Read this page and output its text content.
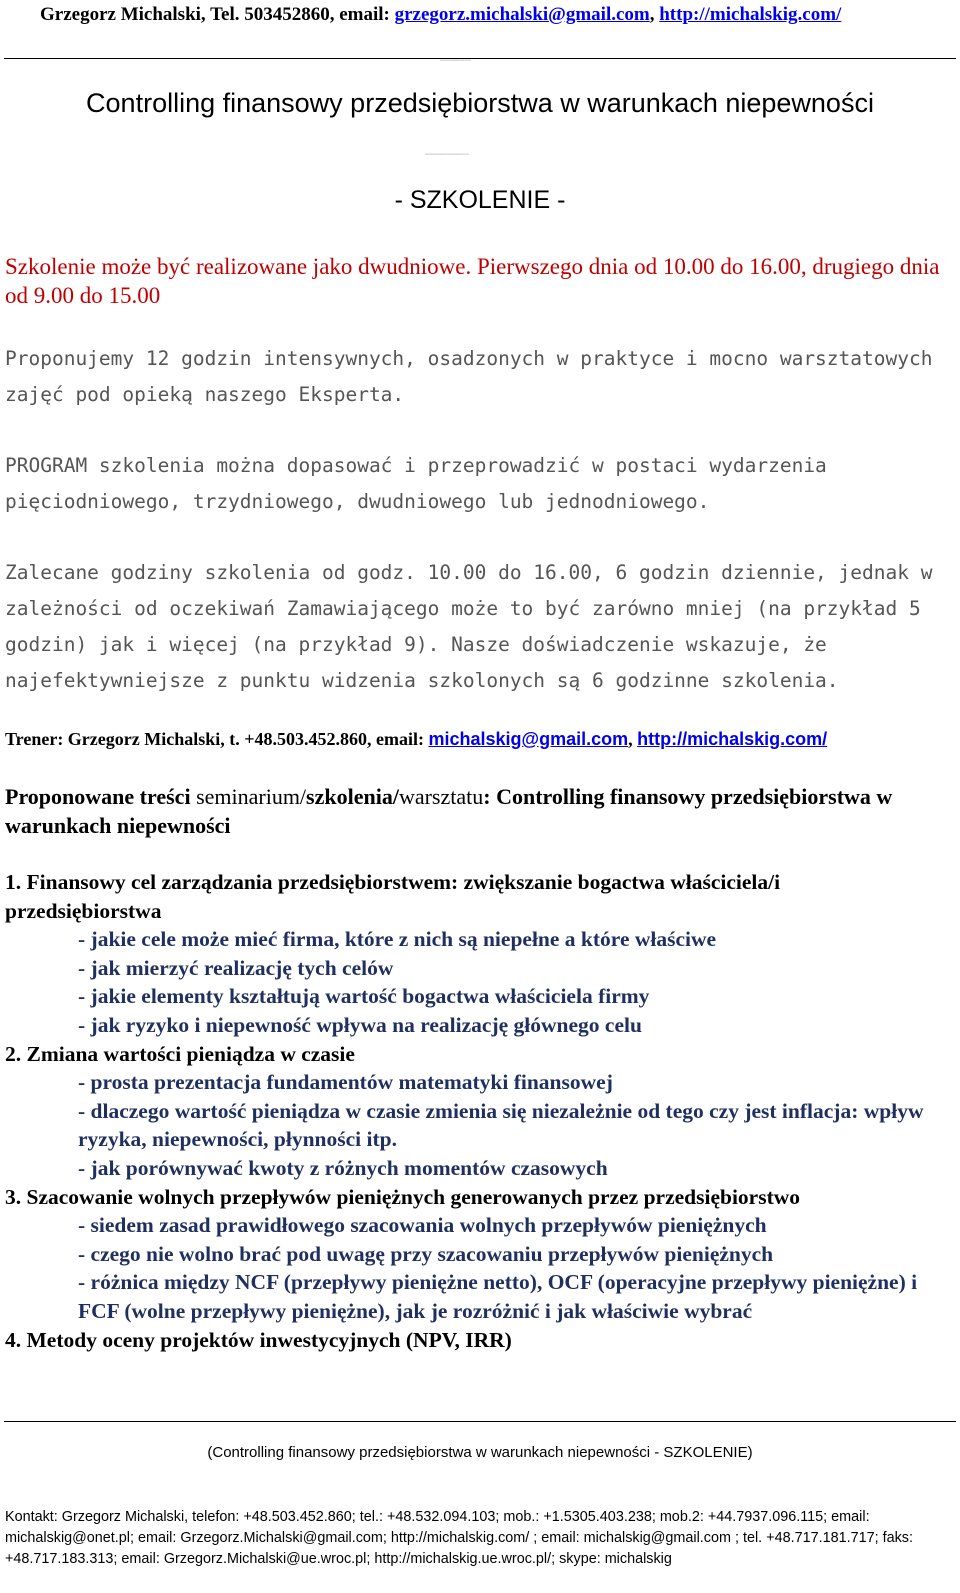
Grzegorz Michalski, Tel. 503452860, email: grzegorz.michalski@gmail.com, http://michalskig.com/
▪▪▪▪▪▪▪▪▪▪▪▪▪▪▪▪▪▪▪▪▪▪▪▪▪▪▪▪▪
Controlling finansowy przedsiębiorstwa w warunkach niepewności
▪▪▪▪▪▪▪▪▪▪▪▪▪▪▪▪▪▪▪▪▪▪▪▪▪▪▪▪▪▪▪▪▪▪▪▪▪▪▪▪▪
- SZKOLENIE -
Szkolenie może być realizowane jako dwudniowe. Pierwszego dnia od 10.00 do 16.00, drugiego dnia od 9.00 do 15.00
Proponujemy 12 godzin intensywnych, osadzonych w praktyce i mocno warsztatowych zajęć pod opieką naszego Eksperta.
PROGRAM szkolenia można dopasować i przeprowadzić w postaci wydarzenia pięciodniowego, trzydniowego, dwudniowego lub jednodniowego.
Zalecane godziny szkolenia od godz. 10.00 do 16.00, 6 godzin dziennie, jednak w zależności od oczekiwań Zamawiającego może to być zarówno mniej (na przykład 5 godzin) jak i więcej (na przykład 9). Nasze doświadczenie wskazuje, że najefektywniejsze z punktu widzenia szkolonych są 6 godzinne szkolenia.
Trener: Grzegorz Michalski, t. +48.503.452.860, email: michalskig@gmail.com, http://michalskig.com/
Proponowane treści seminarium/szkolenia/warsztatu: Controlling finansowy przedsiębiorstwa w warunkach niepewności
1. Finansowy cel zarządzania przedsiębiorstwem: zwiększanie bogactwa właściciela/i przedsiębiorstwa
- jakie cele może mieć firma, które z nich są niepełne a które właściwe
- jak mierzyć realizację tych celów
- jakie elementy kształtują wartość bogactwa właściciela firmy
- jak ryzyko i niepewność wpływa na realizację głównego celu
2. Zmiana wartości pieniądza w czasie
- prosta prezentacja fundamentów matematyki finansowej
- dlaczego wartość pieniądza w czasie zmienia się niezależnie od tego czy jest inflacja: wpływ ryzyka, niepewności, płynności itp.
- jak porównywać kwoty z różnych momentów czasowych
3. Szacowanie wolnych przepływów pieniężnych generowanych przez przedsiębiorstwo
- siedem zasad prawidłowego szacowania wolnych przepływów pieniężnych
- czego nie wolno brać pod uwagę przy szacowaniu przepływów pieniężnych
- różnica między NCF (przepływy pieniężne netto), OCF (operacyjne przepływy pieniężne) i FCF (wolne przepływy pieniężne), jak je rozróżnić i jak właściwie wybrać
4. Metody oceny projektów inwestycyjnych (NPV, IRR)
(Controlling finansowy przedsiębiorstwa w warunkach niepewności - SZKOLENIE)
Kontakt: Grzegorz Michalski, telefon: +48.503.452.860; tel.: +48.532.094.103; mob.: +1.5305.403.238; mob.2: +44.7937.096.115; email: michalskig@onet.pl; email: Grzegorz.Michalski@gmail.com; http://michalskig.com/ ; email: michalskig@gmail.com ; tel. +48.717.181.717; faks: +48.717.183.313; email: Grzegorz.Michalski@ue.wroc.pl; http://michalskig.ue.wroc.pl/; skype: michalskig
